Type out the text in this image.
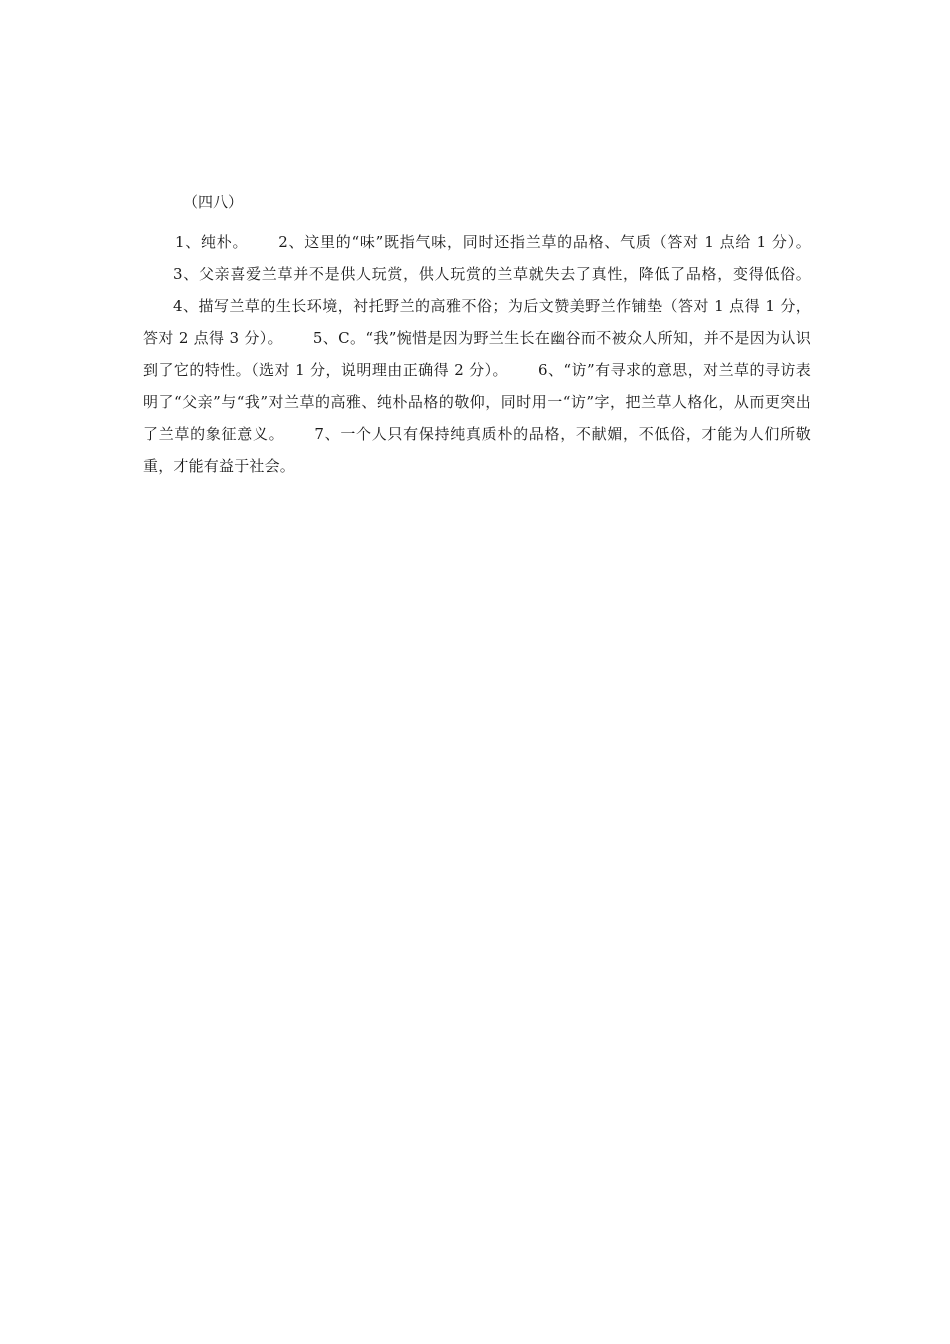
（四八）
1、纯朴。 2、这里的“味”既指气味，同时还指兰草的品格、气质（答对 1 点给 1 分）。3、父亲喜爱兰草并不是供人玩赏，供人玩赏的兰草就失去了真性，降低了品格，变得低俗。4、描写兰草的生长环境，衬托野兰的高雅不俗；为后文赞美野兰作铺垫（答对 1 点得 1 分，答对 2 点得 3 分）。 5、C。“我”惋惜是因为野兰生长在幽谷而不被众人所知，并不是因为认识到了它的特性。（选对 1 分，说明理由正确得 2 分）。 6、“访”有寻求的意思，对兰草的寻访表明了“父亲”与“我”对兰草的高雅、纯朴品格的敬仰，同时用一“访”字，把兰草人格化，从而更突出了兰草的象征意义。 7、一个人只有保持纯真质朴的品格，不献媚，不低俗，才能为人们所敬重，才能有益于社会。
